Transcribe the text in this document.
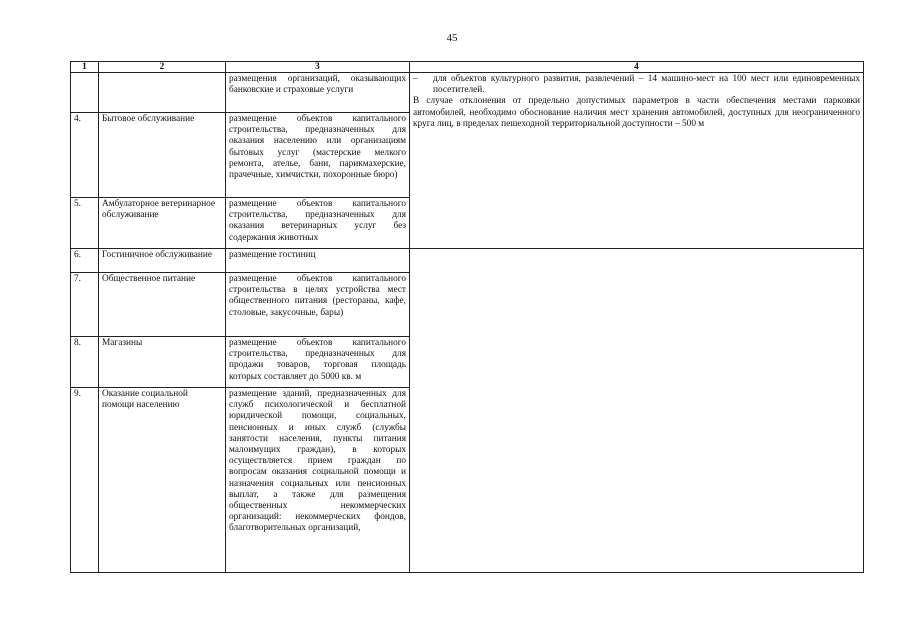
45
1	2	3	4
		размещения организаций, оказывающих банковские и страховые услуги	– для объектов культурного развития, развлечений – 14 машино-мест на 100 мест или единовременных посетителей.
В случае отклонения от предельно допустимых параметров в части обеспечения местами парковки автомобилей, необходимо обоснование наличия мест хранения автомобилей, доступных для неограниченного круга лиц, в пределах пешеходной территориальной доступности – 500 м

4.	Бытовое обслуживание	размещение объектов капитального строительства, предназначенных для оказания населению или организациям бытовых услуг (мастерские мелкого ремонта, ателье, бани, парикмахерские, прачечные, химчистки, похоронные бюро)	
5.	Амбулаторное ветеринарное обслуживание	размещение объектов капитального строительства, предназначенных для оказания ветеринарных услуг без содержания животных	
6.	Гостиничное обслуживание	размещение гостиниц	
7.	Общественное питание	размещение объектов капитального строительства в целях устройства мест общественного питания (рестораны, кафе, столовые, закусочные, бары)	
8.	Магазины	размещение объектов капитального строительства, предназначенных для продажи товаров, торговая площадь которых составляет до 5000 кв. м	
9.	Оказание социальной помощи населению	размещение зданий, предназначенных для служб психологической и бесплатной юридической помощи, социальных, пенсионных и иных служб (службы занятости населения, пункты питания малоимущих граждан), в которых осуществляется прием граждан по вопросам оказания социальной помощи и назначения социальных или пенсионных выплат, а также для размещения общественных некоммерческих организаций: некоммерческих фондов, благотворительных организаций,	
